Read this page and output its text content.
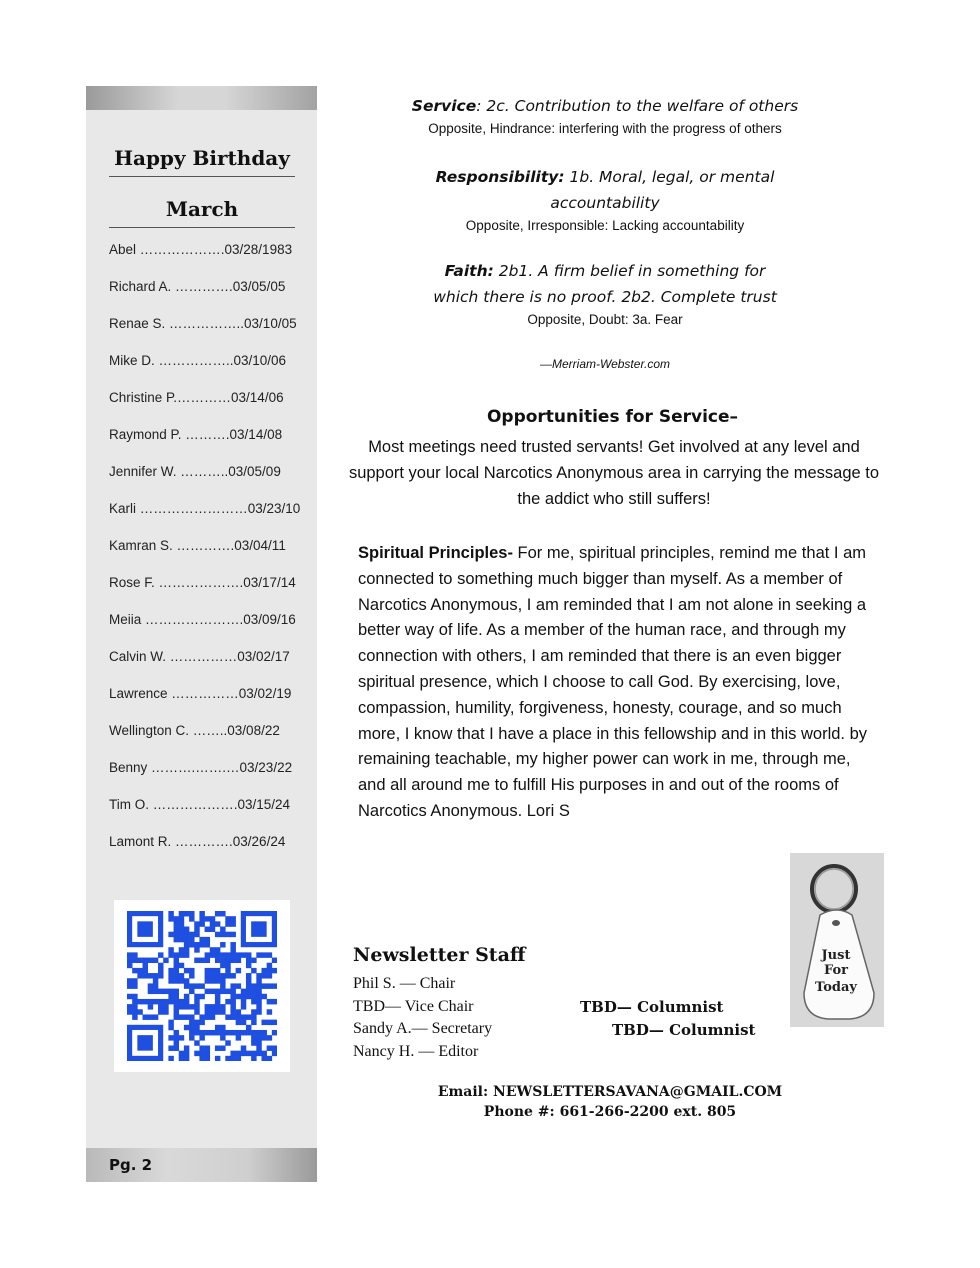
Happy Birthday
March
Abel ……………….03/28/1983
Richard A. ………….03/05/05
Renae S. ……………..03/10/05
Mike D. ……………..03/10/06
Christine P.…………03/14/06
Raymond P. ……….03/14/08
Jennifer W. ………..03/05/09
Karli ……………………03/23/10
Kamran S. ………….03/04/11
Rose F. ……………….03/17/14
Meiia ………………….03/09/16
Calvin W. ……………03/02/17
Lawrence ……………03/02/19
Wellington C. ……..03/08/22
Benny ……….…….…03/23/22
Tim O. ……………….03/15/24
Lamont R. ………….03/26/24
Pg. 2
Service: 2c. Contribution to the welfare of others
Opposite, Hindrance: interfering with the progress of others
Responsibility: 1b. Moral, legal, or mental accountability
Opposite, Irresponsible: Lacking accountability
Faith: 2b1. A firm belief in something for which there is no proof. 2b2. Complete trust
Opposite, Doubt: 3a. Fear
—Merriam-Webster.com
Opportunities for Service–
Most meetings need trusted servants! Get involved at any level and support your local Narcotics Anonymous area in carrying the message to the addict who still suffers!
Spiritual Principles- For me, spiritual principles, remind me that I am connected to something much bigger than myself. As a member of Narcotics Anonymous, I am reminded that I am not alone in seeking a better way of life. As a member of the human race, and through my connection with others, I am reminded that there is an even bigger spiritual presence, which I choose to call God. By exercising, love, compassion, humility, forgiveness, honesty, courage, and so much more, I know that I have a place in this fellowship and in this world. by remaining teachable, my higher power can work in me, through me, and all around me to fulfill His purposes in and out of the rooms of Narcotics Anonymous. Lori S
Just
For
Today
Newsletter Staff
Phil S. — Chair
TBD— Vice Chair
Sandy A.— Secretary
Nancy H. — Editor
TBD— Columnist
TBD— Columnist
Email: NEWSLETTERSAVANA@GMAIL.COM
Phone #: 661-266-2200 ext. 805
